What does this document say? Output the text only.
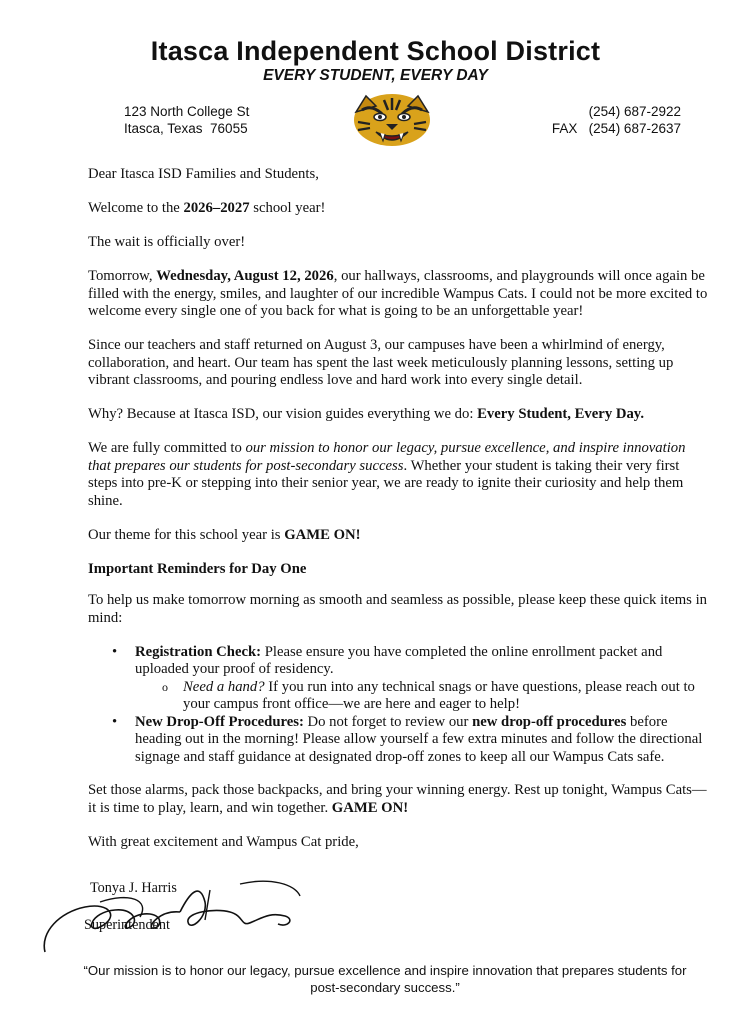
Itasca Independent School District
EVERY STUDENT, EVERY DAY
123 North College St
Itasca, Texas  76055
(254) 687-2922
FAX   (254) 687-2637

Dear Itasca ISD Families and Students,

Welcome to the 2026–2027 school year!

The wait is officially over!

Tomorrow, Wednesday, August 12, 2026, our hallways, classrooms, and playgrounds will once again be filled with the energy, smiles, and laughter of our incredible Wampus Cats. I could not be more excited to welcome every single one of you back for what is going to be an unforgettable year!

Since our teachers and staff returned on August 3, our campuses have been a whirlmind of energy, collaboration, and heart. Our team has spent the last week meticulously planning lessons, setting up vibrant classrooms, and pouring endless love and hard work into every single detail.

Why? Because at Itasca ISD, our vision guides everything we do: Every Student, Every Day.

We are fully committed to our mission to honor our legacy, pursue excellence, and inspire innovation that prepares our students for post-secondary success. Whether your student is taking their very first steps into pre-K or stepping into their senior year, we are ready to ignite their curiosity and help them shine.

Our theme for this school year is GAME ON!

Important Reminders for Day One

To help us make tomorrow morning as smooth and seamless as possible, please keep these quick items in mind:

• Registration Check: Please ensure you have completed the online enrollment packet and uploaded your proof of residency.
o Need a hand? If you run into any technical snags or have questions, please reach out to your campus front office—we are here and eager to help!
• New Drop-Off Procedures: Do not forget to review our new drop-off procedures before heading out in the morning! Please allow yourself a few extra minutes and follow the directional signage and staff guidance at designated drop-off zones to keep all our Wampus Cats safe.

Set those alarms, pack those backpacks, and bring your winning energy. Rest up tonight, Wampus Cats—it is time to play, learn, and win together. GAME ON!

With great excitement and Wampus Cat pride,

Tonya J. Harris
Superintendent
“Our mission is to honor our legacy, pursue excellence and inspire innovation that prepares students for post-secondary success.”
